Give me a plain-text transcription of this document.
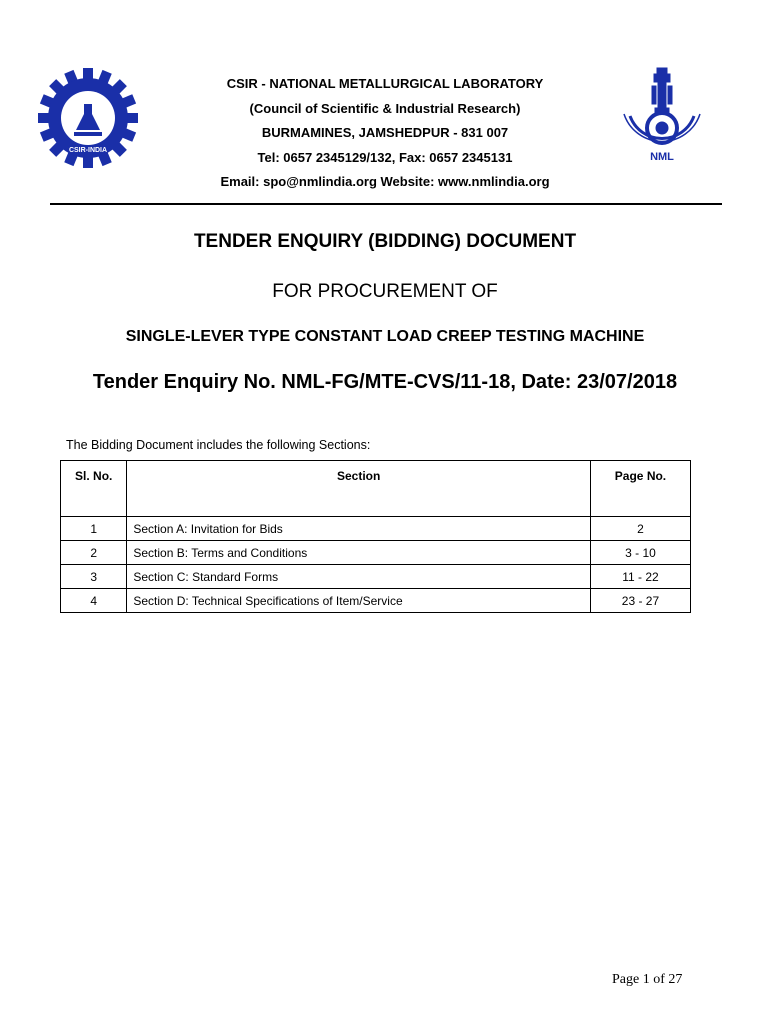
CSIR-INDIA
NML
CSIR - NATIONAL METALLURGICAL LABORATORY
(Council of Scientific & Industrial Research)
BURMAMINES, JAMSHEDPUR - 831 007
Tel: 0657 2345129/132, Fax: 0657 2345131
Email: spo@nmlindia.org Website: www.nmlindia.org
TENDER ENQUIRY (BIDDING) DOCUMENT
FOR PROCUREMENT OF
SINGLE-LEVER TYPE CONSTANT LOAD CREEP TESTING MACHINE
Tender Enquiry No. NML-FG/MTE-CVS/11-18, Date: 23/07/2018
The Bidding Document includes the following Sections:
Sl. No.	Section	Page No.
1	Section A: Invitation for Bids	2
2	Section B: Terms and Conditions	3 - 10
3	Section C: Standard Forms	11 - 22
4	Section D: Technical Specifications of Item/Service	23 - 27
Page 1 of 27
